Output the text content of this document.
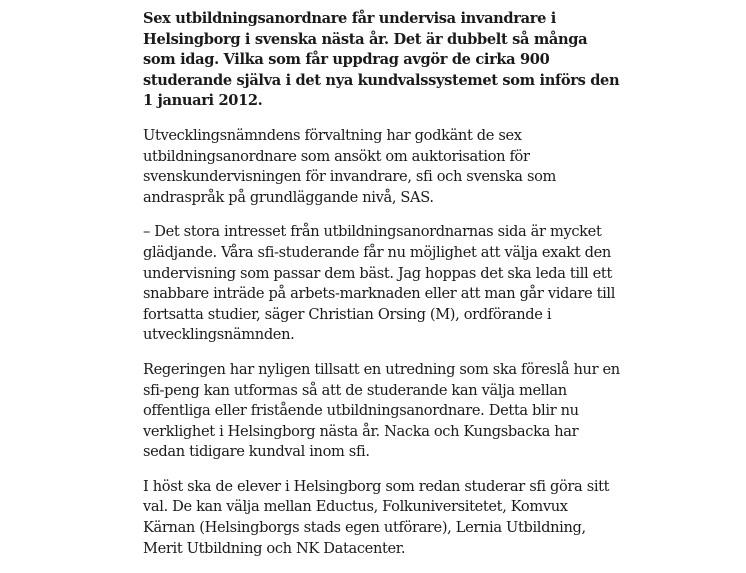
Sex utbildningsanordnare får undervisa invandrare i Helsingborg i svenska nästa år. Det är dubbelt så många som idag. Vilka som får uppdrag avgör de cirka 900 studerande själva i det nya kundvalssystemet som införs den 1 januari 2012.

Utvecklingsnämndens förvaltning har godkänt de sex utbildningsanordnare som ansökt om auktorisation för svenskundervisningen för invandrare, sfi och svenska som andraspråk på grundläggande nivå, SAS.

– Det stora intresset från utbildningsanordnarnas sida är mycket glädjande. Våra sfi-studerande får nu möjlighet att välja exakt den undervisning som passar dem bäst. Jag hoppas det ska leda till ett snabbare inträde på arbets-marknaden eller att man går vidare till fortsatta studier, säger Christian Orsing (M), ordförande i utvecklingsnämnden.

Regeringen har nyligen tillsatt en utredning som ska föreslå hur en sfi-peng kan utformas så att de studerande kan välja mellan offentliga eller fristående utbildningsanordnare. Detta blir nu verklighet i Helsingborg nästa år. Nacka och Kungsbacka har sedan tidigare kundval inom sfi.

I höst ska de elever i Helsingborg som redan studerar sfi göra sitt val. De kan välja mellan Eductus, Folkuniversitetet, Komvux Kärnan (Helsingborgs stads egen utförare), Lernia Utbildning, Merit Utbildning och NK Datacenter.
